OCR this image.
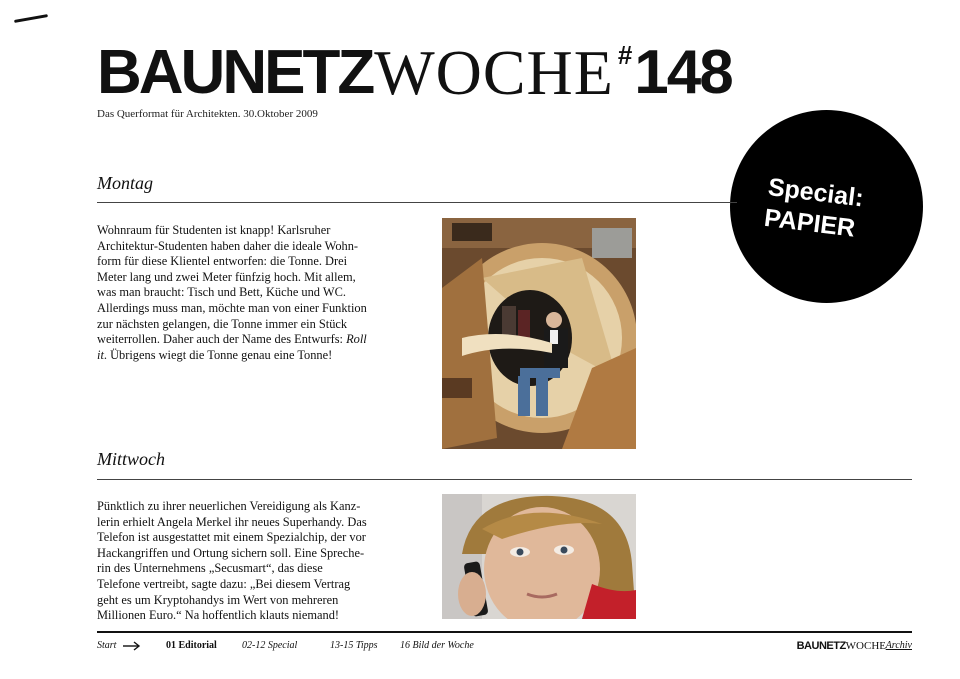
BAUNETZWOCHE #148
Das Querformat für Architekten. 30.Oktober 2009
Special:
PAPIER
Montag
Wohnraum für Studenten ist knapp! Karlsruher Architektur-Studenten haben daher die ideale Wohnform für diese Klientel entworfen: die Tonne. Drei Meter lang und zwei Meter fünfzig hoch. Mit allem, was man braucht: Tisch und Bett, Küche und WC. Allerdings muss man, möchte man von einer Funktion zur nächsten gelangen, die Tonne immer ein Stück weiterrollen. Daher auch der Name des Entwurfs: Roll it. Übrigens wiegt die Tonne genau eine Tonne!
Mittwoch
Pünktlich zu ihrer neuerlichen Vereidigung als Kanzlerin erhielt Angela Merkel ihr neues Superhandy. Das Telefon ist ausgestattet mit einem Spezialchip, der vor Hackangriffen und Ortung sichern soll. Eine Sprecherin des Unternehmens „Secusmart“, das diese Telefone vertreibt, sagte dazu: „Bei diesem Vertrag geht es um Kryptohandys im Wert von mehreren Millionen Euro.“ Na hoffentlich klauts niemand!
Start	01 Editorial	02-12 Special	13-15 Tipps 16 Bild der Woche	BAUNETZWOCHE Archiv
